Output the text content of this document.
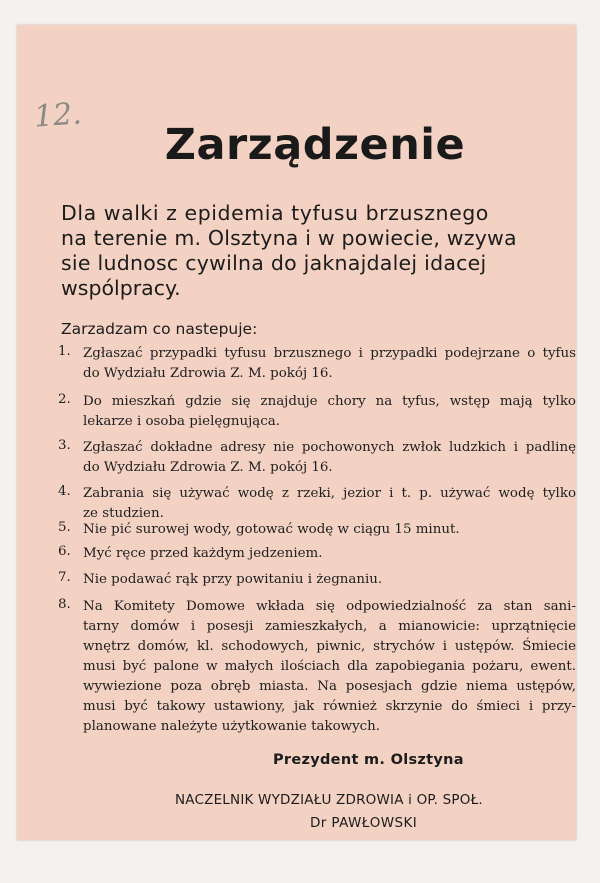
12.
Zarządzenie
Dla walki z epidemia tyfusu brzusznego
na terenie m. Olsztyna i w powiecie, wzywa
sie ludnosc cywilna do jaknajdalej idacej
wspólpracy.
Zarzadzam co nastepuje:
1. Zgłaszać przypadki tyfusu brzusznego i przypadki podejrzane o tyfus
do Wydziału Zdrowia Z. M. pokój 16.
2. Do mieszkań gdzie się znajduje chory na tyfus, wstęp mają tylko
lekarze i osoba pielęgnująca.
3. Zgłaszać dokładne adresy nie pochowonych zwłok ludzkich i padlinę
do Wydziału Zdrowia Z. M. pokój 16.
4. Zabrania się używać wodę z rzeki, jezior i t. p. używać wodę tylko
ze studzien.
5. Nie pić surowej wody, gotować wodę w ciągu 15 minut.
6. Myć ręce przed każdym jedzeniem.
7. Nie podawać rąk przy powitaniu i żegnaniu.
8. Na Komitety Domowe wkłada się odpowiedzialność za stan sani-
tarny domów i posesji zamieszkałych, a mianowicie: uprzątnięcie
wnętrz domów, kl. schodowych, piwnic, strychów i ustępów. Śmiecie
musi być palone w małych ilościach dla zapobiegania pożaru, ewent.
wywiezione poza obręb miasta. Na posesjach gdzie niema ustępów,
musi być takowy ustawiony, jak również skrzynie do śmieci i przy-
planowane należyte użytkowanie takowych.
Prezydent m. Olsztyna
NACZELNIK WYDZIAŁU ZDROWIA i OP. SPOŁ.
Dr PAWŁOWSKI
